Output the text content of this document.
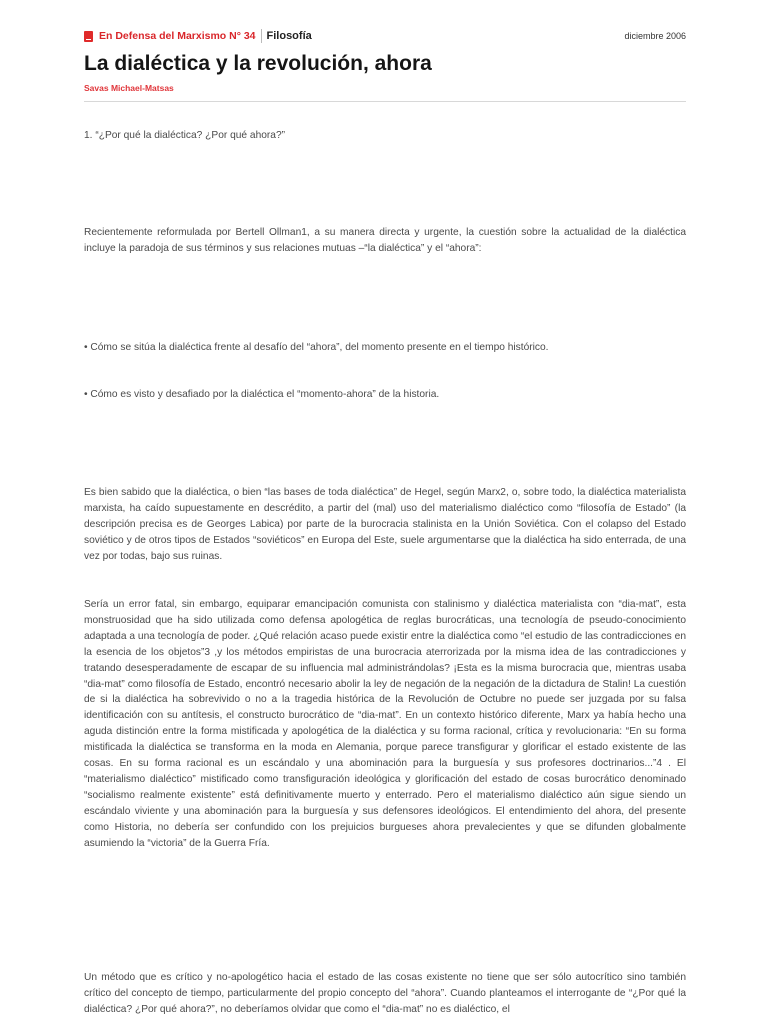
En Defensa del Marxismo N° 34 Filosofía	diciembre 2006
La dialéctica y la revolución, ahora
Savas Michael-Matsas

1. “¿Por qué la dialéctica? ¿Por qué ahora?”

Recientemente reformulada por Bertell Ollman1, a su manera directa y urgente, la cuestión sobre la actualidad de la dialéctica incluye la paradoja de sus términos y sus relaciones mutuas –“la dialéctica” y el “ahora”:

• Cómo se sitúa la dialéctica frente al desafío del “ahora”, del momento presente en el tiempo histórico.

• Cómo es visto y desafiado por la dialéctica el “momento-ahora” de la historia.

Es bien sabido que la dialéctica, o bien “las bases de toda dialéctica” de Hegel, según Marx2, o, sobre todo, la dialéctica materialista marxista, ha caído supuestamente en descrédito, a partir del (mal) uso del materialismo dialéctico como “filosofía de Estado” (la descripción precisa es de Georges Labica) por parte de la burocracia stalinista en la Unión Soviética. Con el colapso del Estado soviético y de otros tipos de Estados “soviéticos” en Europa del Este, suele argumentarse que la dialéctica ha sido enterrada, de una vez por todas, bajo sus ruinas.

Sería un error fatal, sin embargo, equiparar emancipación comunista con stalinismo y dialéctica materialista con “dia-mat”, esta monstruosidad que ha sido utilizada como defensa apologética de reglas burocráticas, una tecnología de pseudo-conocimiento adaptada a una tecnología de poder. ¿Qué relación acaso puede existir entre la dialéctica como “el estudio de las contradicciones en la esencia de los objetos”3 ,y los métodos empiristas de una burocracia aterrorizada por la misma idea de las contradicciones y tratando desesperadamente de escapar de su influencia mal administrándolas? ¡Esta es la misma burocracia que, mientras usaba “dia-mat” como filosofía de Estado, encontró necesario abolir la ley de negación de la negación de la dictadura de Stalin! La cuestión de si la dialéctica ha sobrevivido o no a la tragedia histórica de la Revolución de Octubre no puede ser juzgada por su falsa identificación con su antítesis, el constructo burocrático de “dia-mat”. En un contexto histórico diferente, Marx ya había hecho una aguda distinción entre la forma mistificada y apologética de la dialéctica y su forma racional, crítica y revolucionaria: “En su forma mistificada la dialéctica se transforma en la moda en Alemania, porque parece transfigurar y glorificar el estado existente de las cosas. En su forma racional es un escándalo y una abominación para la burguesía y sus profesores doctrinarios...”4 . El “materialismo dialéctico” mistificado como transfiguración ideológica y glorificación del estado de cosas burocrático denominado “socialismo realmente existente” está definitivamente muerto y enterrado. Pero el materialismo dialéctico aún sigue siendo un escándalo viviente y una abominación para la burguesía y sus defensores ideológicos. El entendimiento del ahora, del presente como Historia, no debería ser confundido con los prejuicios burgueses ahora prevalecientes y que se difunden globalmente asumiendo la “victoria” de la Guerra Fría.

Un método que es crítico y no-apologético hacia el estado de las cosas existente no tiene que ser sólo autocrítico sino también crítico del concepto de tiempo, particularmente del propio concepto del “ahora”. Cuando planteamos el interrogante de “¿Por qué la dialéctica? ¿Por qué ahora?”, no deberíamos olvidar que como el “dia-mat” no es dialéctico, el
